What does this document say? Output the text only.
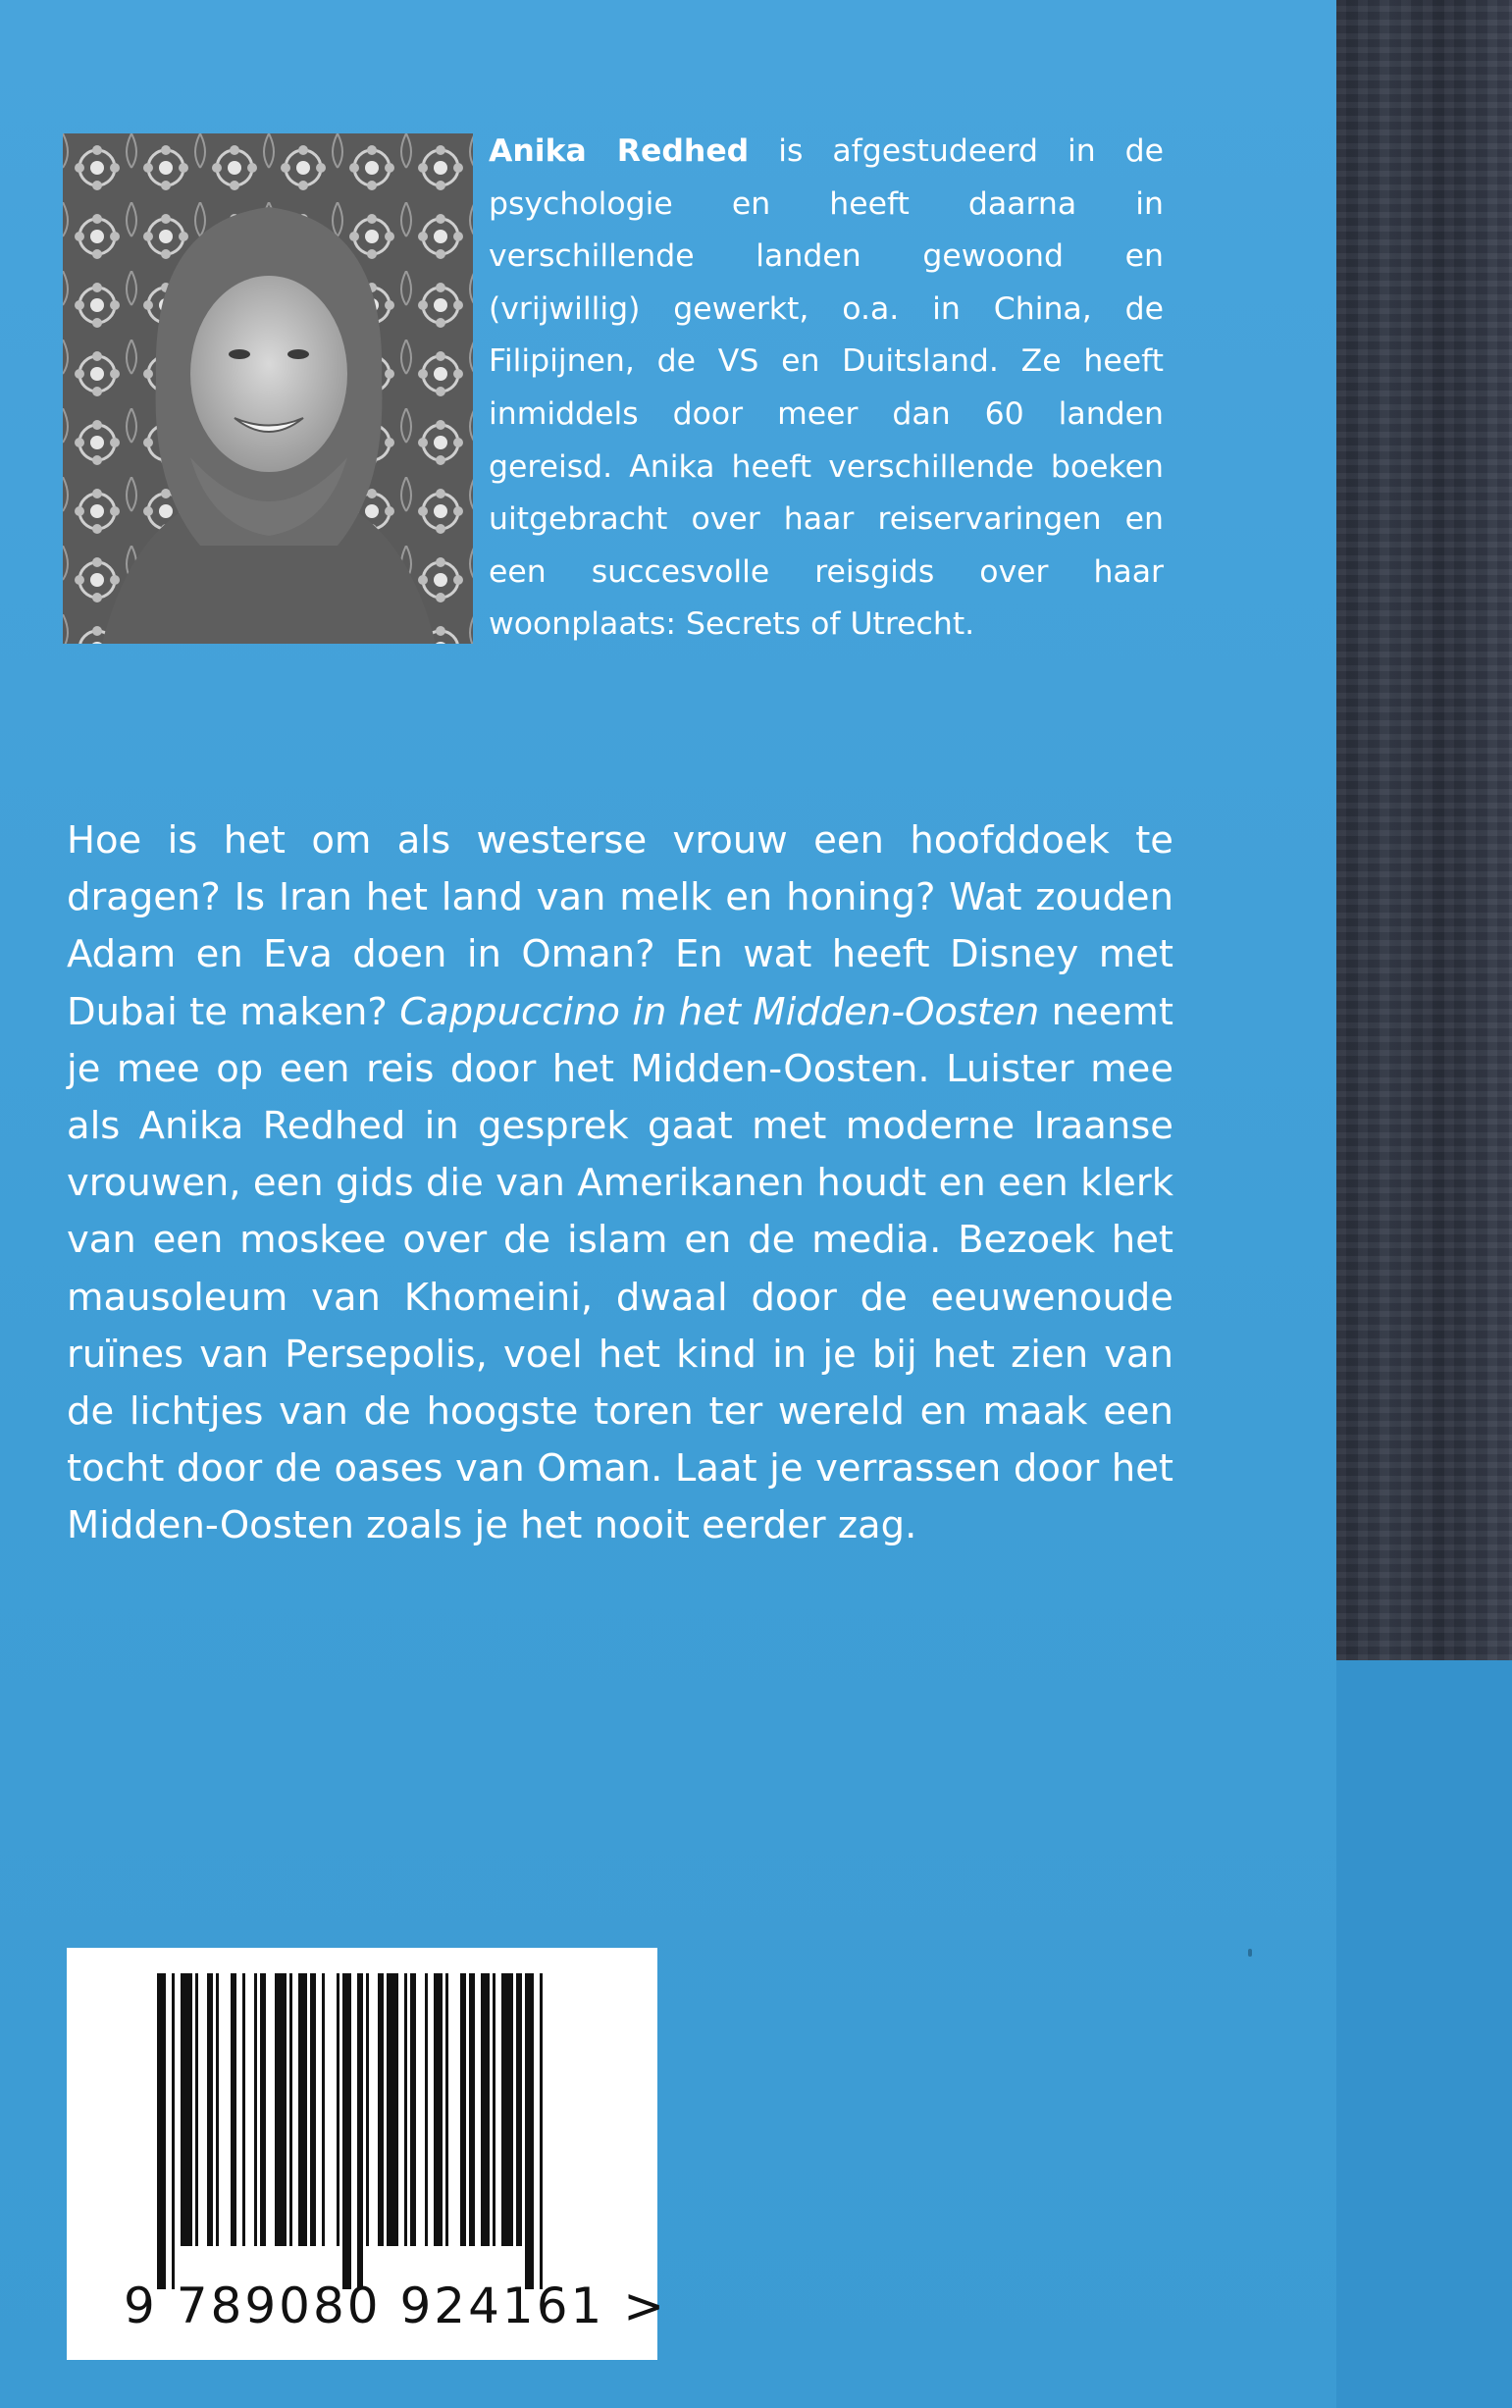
Anika Redhed is afgestudeerd in de psychologie en heeft daarna in verschillende landen gewoond en (vrijwillig) gewerkt, o.a. in China, de Filipijnen, de VS en Duitsland. Ze heeft inmiddels door meer dan 60 landen gereisd. Anika heeft verschillende boeken uitgebracht over haar reiservaringen en een succesvolle reisgids over haar woonplaats: Secrets of Utrecht.

Hoe is het om als westerse vrouw een hoofddoek te dragen? Is Iran het land van melk en honing? Wat zouden Adam en Eva doen in Oman? En wat heeft Disney met Dubai te maken? Cappuccino in het Midden-Oosten neemt je mee op een reis door het Midden-Oosten. Luister mee als Anika Redhed in gesprek gaat met moderne Iraanse vrouwen, een gids die van Amerikanen houdt en een klerk van een moskee over de islam en de media. Bezoek het mausoleum van Khomeini, dwaal door de eeuwenoude ruïnes van Persepolis, voel het kind in je bij het zien van de lichtjes van de hoogste toren ter wereld en maak een tocht door de oases van Oman. Laat je verrassen door het Midden-Oosten zoals je het nooit eerder zag.

9 789080 924161 >
